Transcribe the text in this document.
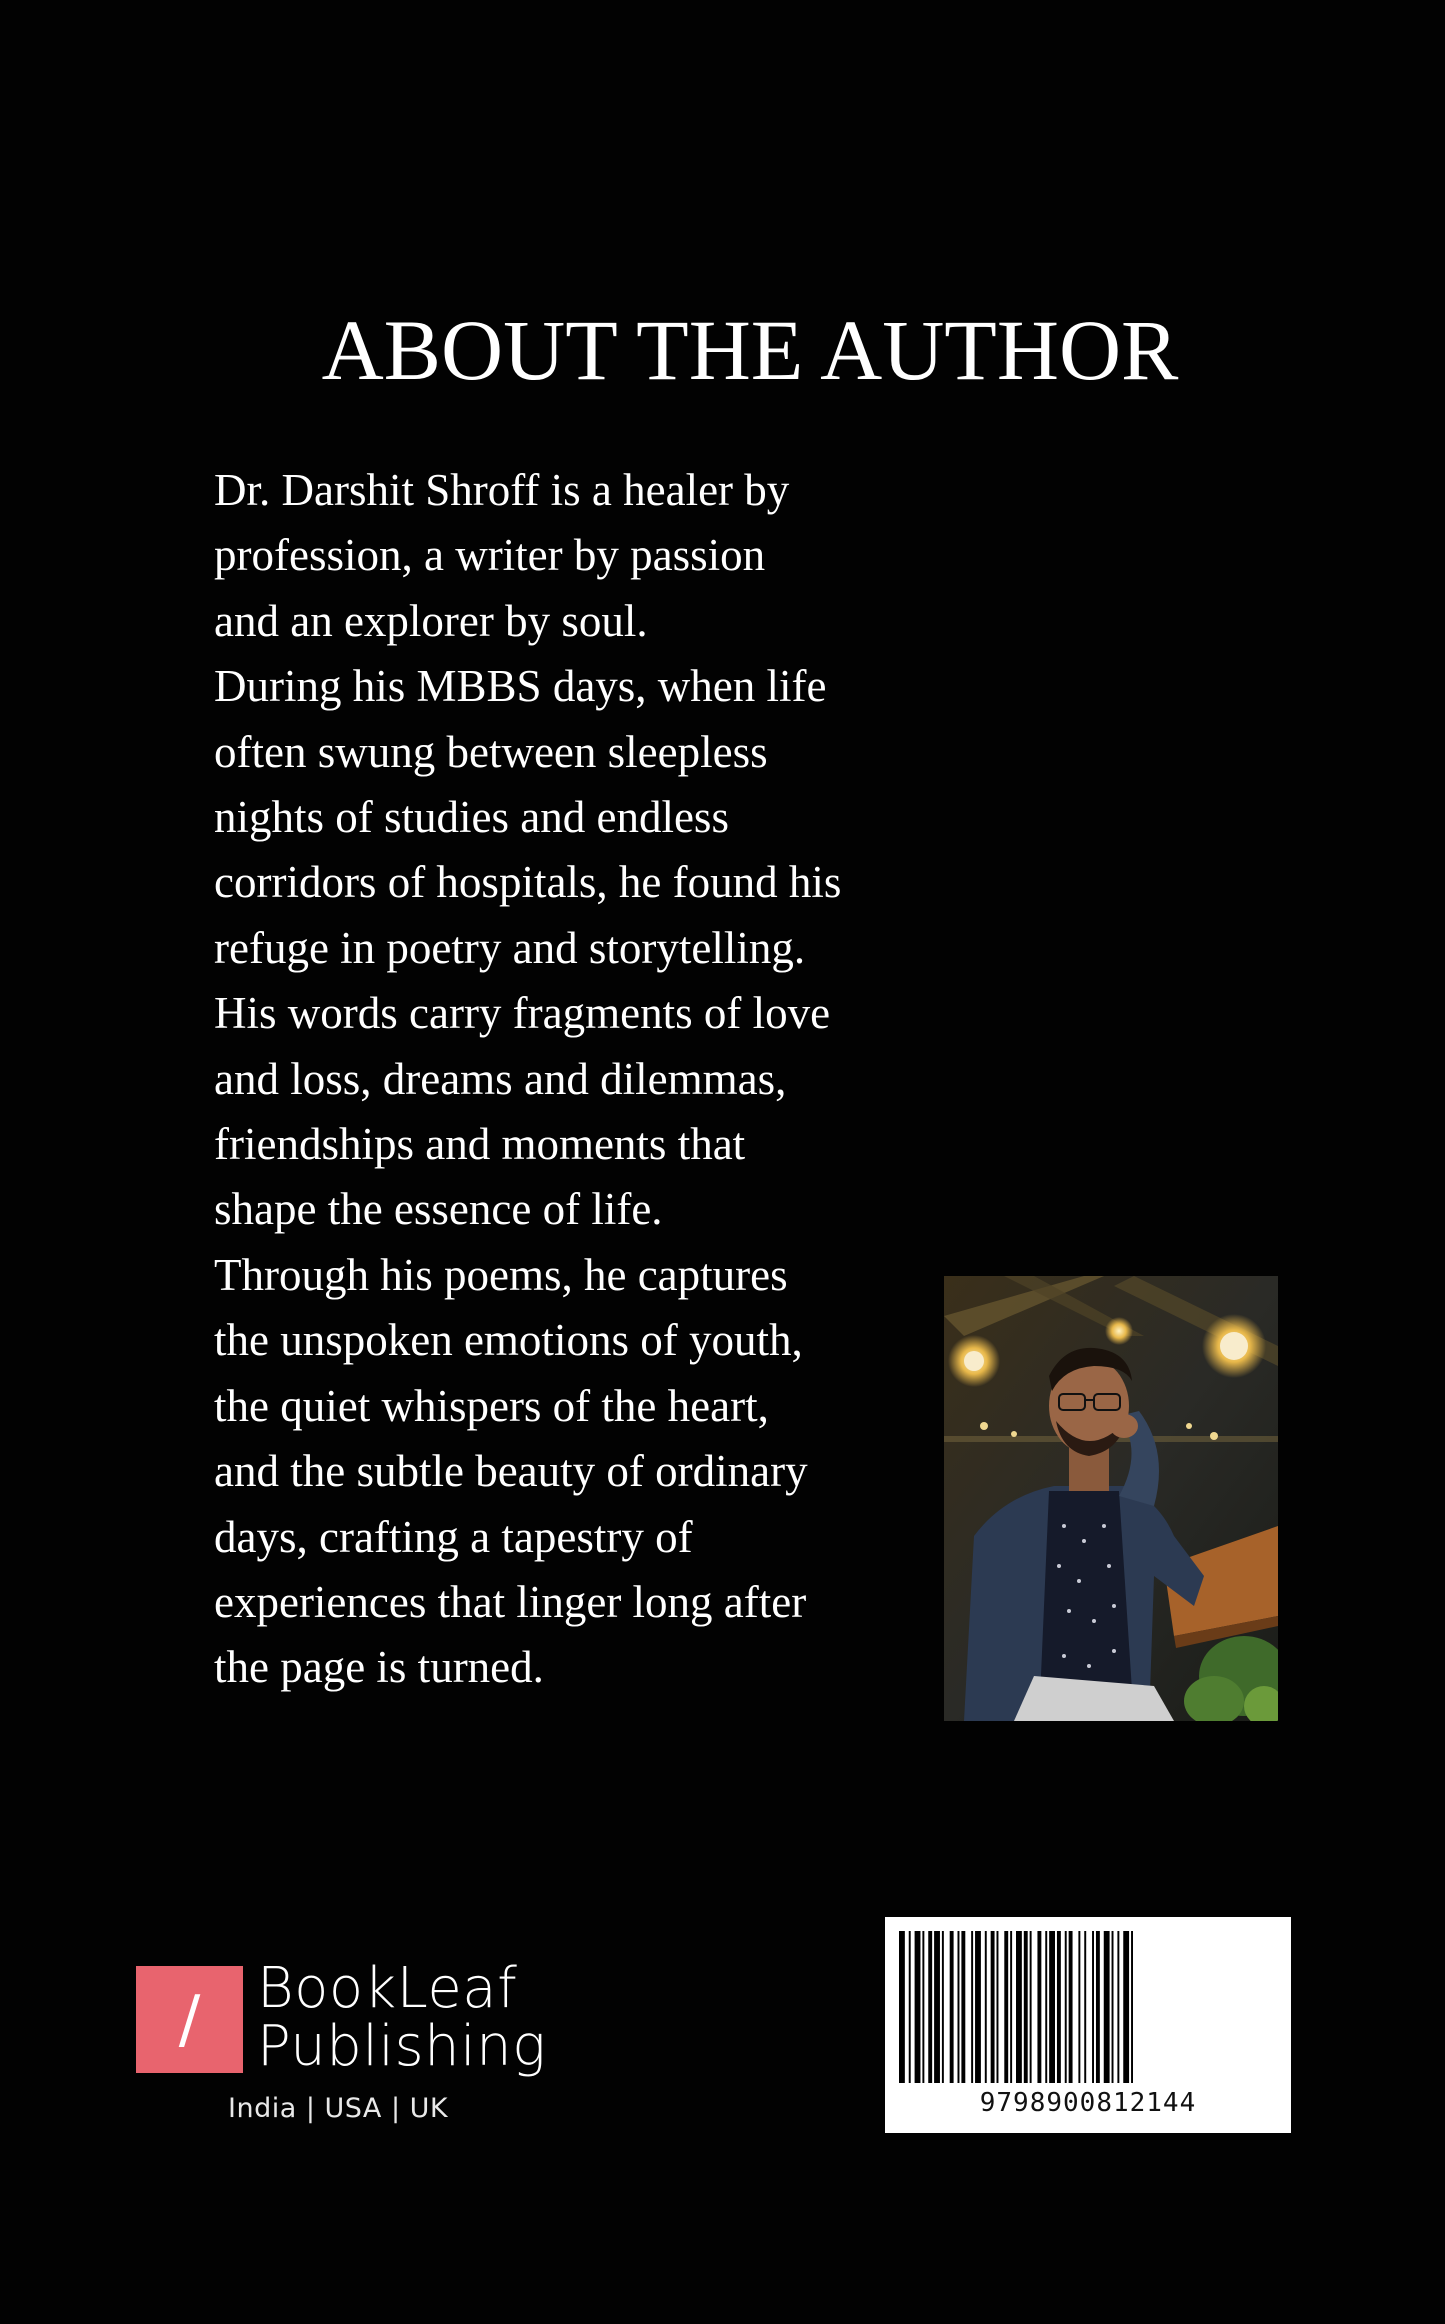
ABOUT THE AUTHOR
Dr. Darshit Shroff is a healer by
profession, a writer by passion
and an explorer by soul.
During his MBBS days, when life
often swung between sleepless
nights of studies and endless
corridors of hospitals, he found his
refuge in poetry and storytelling.
His words carry fragments of love
and loss, dreams and dilemmas,
friendships and moments that
shape the essence of life.
Through his poems, he captures
the unspoken emotions of youth,
the quiet whispers of the heart,
and the subtle beauty of ordinary
days, crafting a tapestry of
experiences that linger long after
the page is turned.
/	BookLeaf
Publishing
India | USA | UK	9798900812144
